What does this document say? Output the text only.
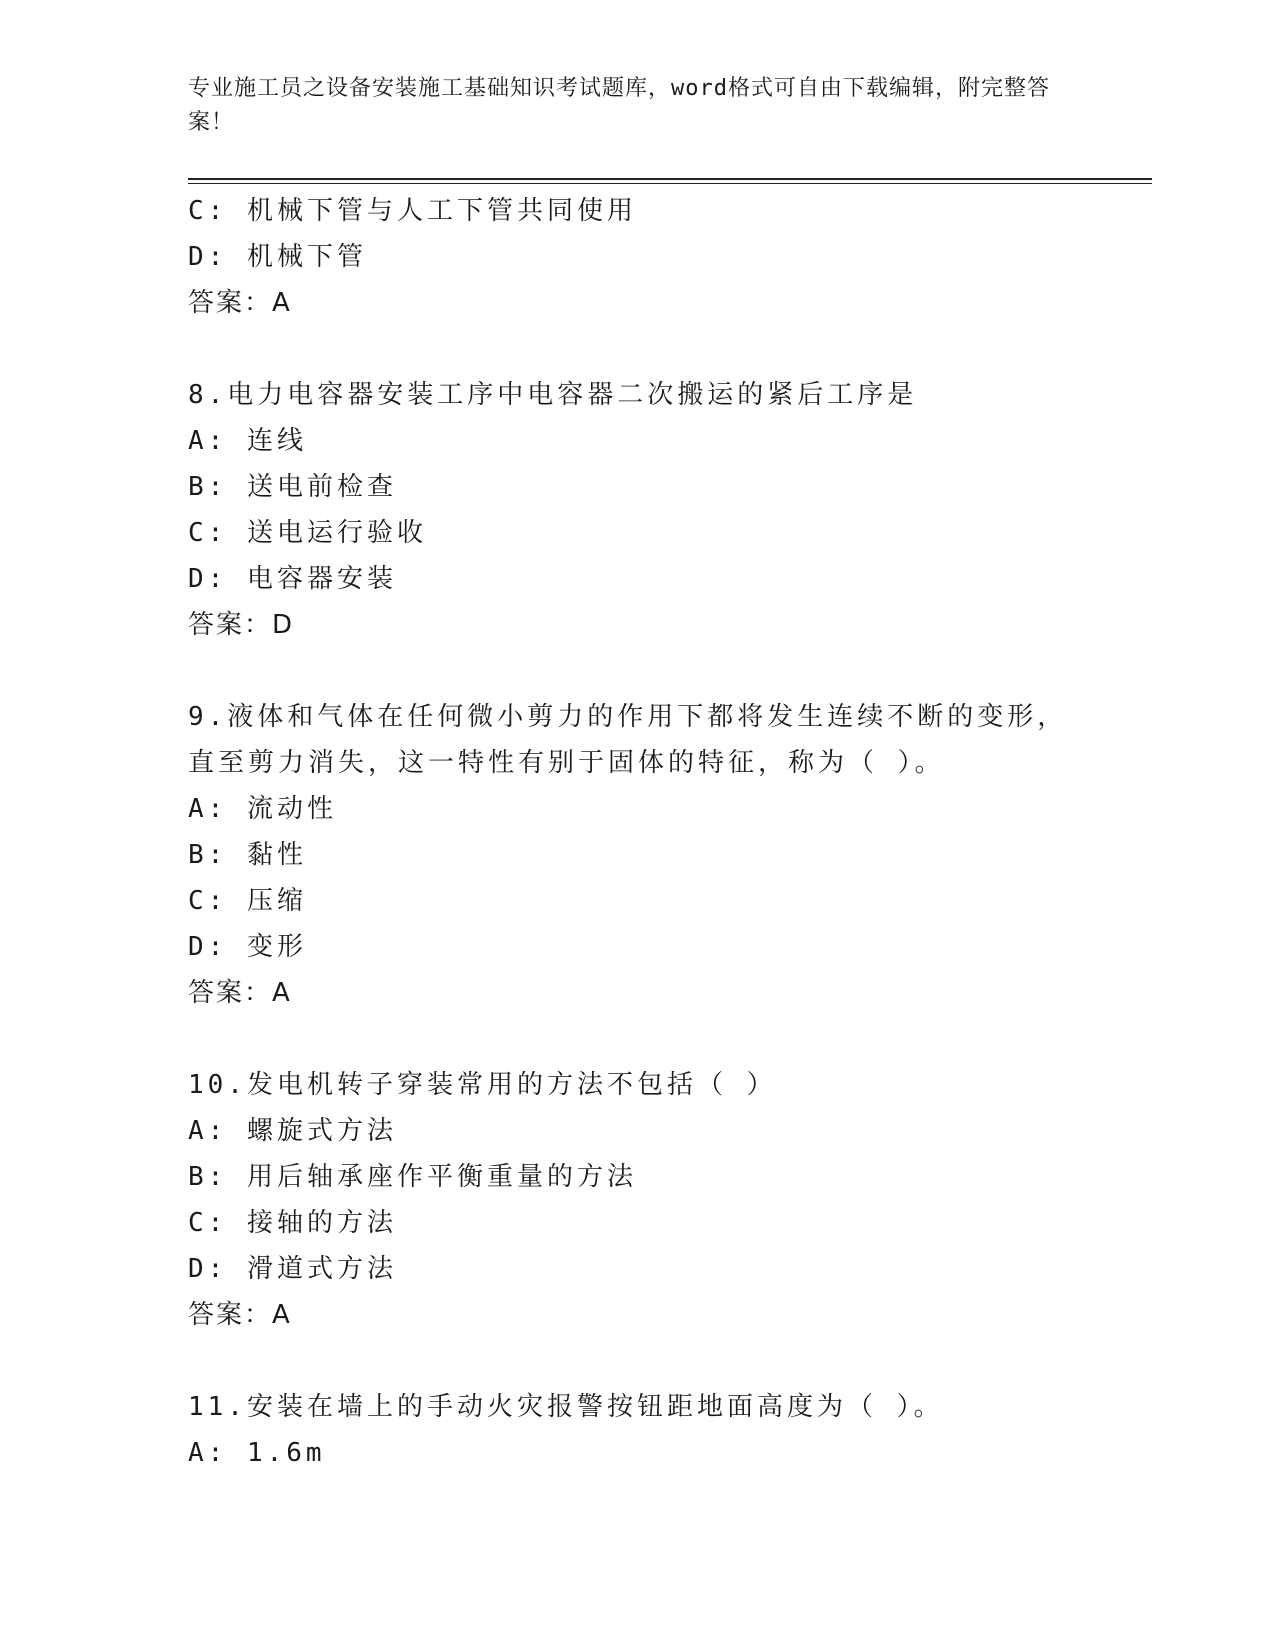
专业施工员之设备安装施工基础知识考试题库，word格式可自由下载编辑，附完整答案！
C: 机械下管与人工下管共同使用
D: 机械下管
答案：A
8.电力电容器安装工序中电容器二次搬运的紧后工序是
A: 连线
B: 送电前检查
C: 送电运行验收
D: 电容器安装
答案：D
9.液体和气体在任何微小剪力的作用下都将发生连续不断的变形，直至剪力消失，这一特性有别于固体的特征，称为（ ）。
A: 流动性
B: 黏性
C: 压缩
D: 变形
答案：A
10.发电机转子穿装常用的方法不包括（ ）
A: 螺旋式方法
B: 用后轴承座作平衡重量的方法
C: 接轴的方法
D: 滑道式方法
答案：A
11.安装在墙上的手动火灾报警按钮距地面高度为（ ）。
A: 1.6m
